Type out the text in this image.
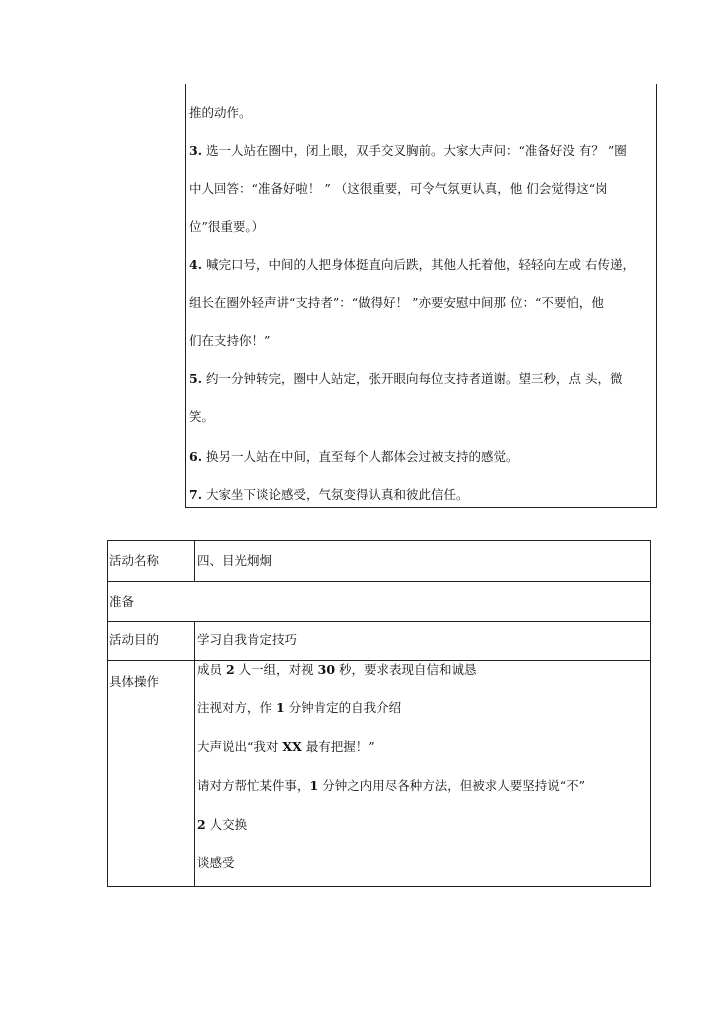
推的动作。
3. 选一人站在圈中，闭上眼，双手交叉胸前。大家大声问：“准备好没 有？ ”圈
中人回答：“准备好啦！ ” （这很重要，可令气氛更认真，他 们会觉得这“岗
位”很重要。）
4. 喊完口号，中间的人把身体挺直向后跌，其他人托着他，轻轻向左或 右传递，
组长在圈外轻声讲“支持者”：“做得好！ ”亦要安慰中间那 位：“不要怕，他
们在支持你！”
5. 约一分钟转完，圈中人站定，张开眼向每位支持者道谢。望三秒，点 头，微
笑。
6. 换另一人站在中间，直至每个人都体会过被支持的感觉。
7. 大家坐下谈论感受，气氛变得认真和彼此信任。
活动名称	四、目光炯炯
准备
活动目的	学习自我肯定技巧
具体操作
成员 2 人一组，对视 30 秒，要求表现自信和诚恳
注视对方，作 1 分钟肯定的自我介绍
大声说出“我对 XX 最有把握！”
请对方帮忙某件事，1 分钟之内用尽各种方法，但被求人要坚持说“不”
2 人交换
谈感受
